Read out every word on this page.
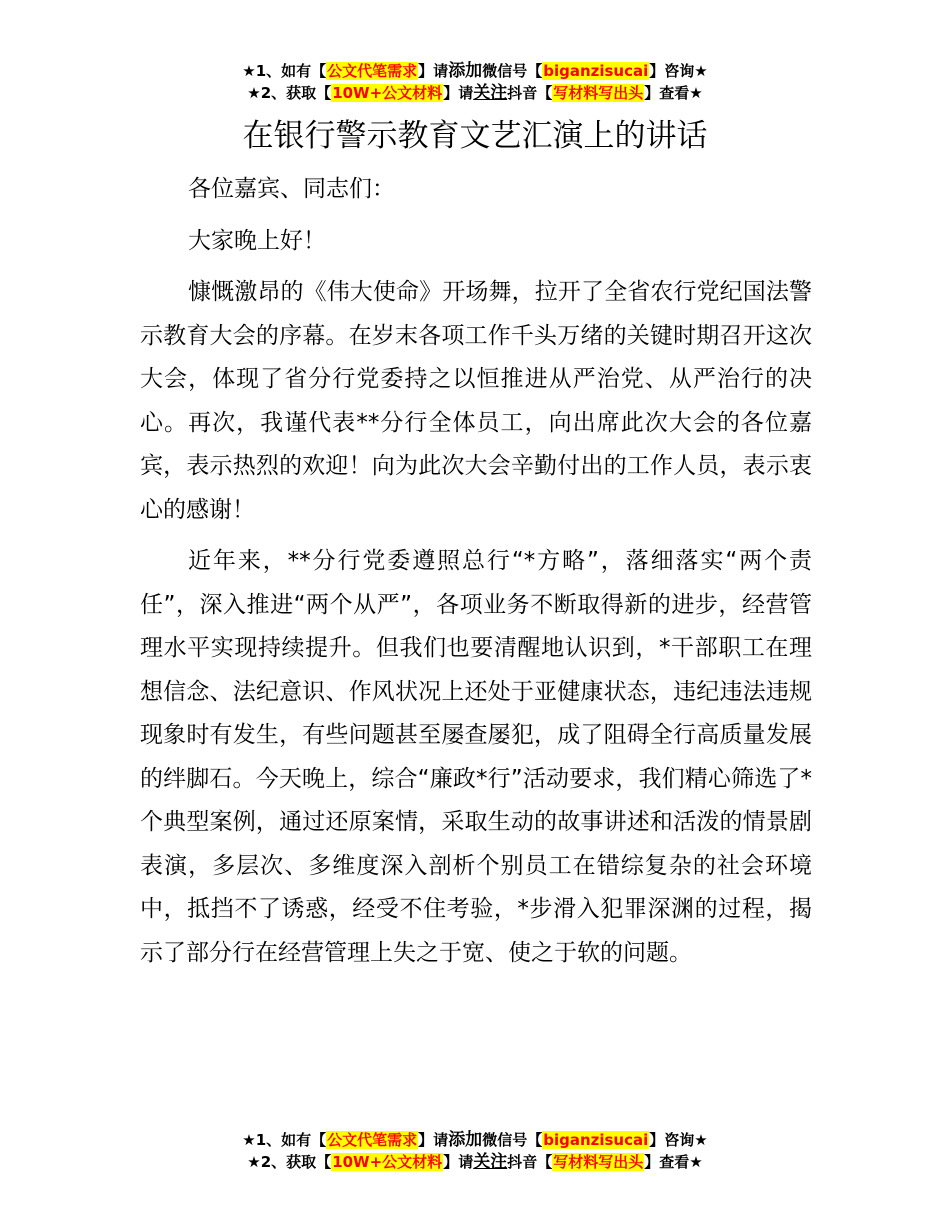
★1、如有【公文代笔需求】请添加微信号【biganzisucai】咨询★
★2、获取【10W+公文材料】请关注抖音【写材料写出头】查看★
在银行警示教育文艺汇演上的讲话

各位嘉宾、同志们：

大家晚上好！

慷慨激昂的《伟大使命》开场舞，拉开了全省农行党纪国法警示教育大会的序幕。在岁末各项工作千头万绪的关键时期召开这次大会，体现了省分行党委持之以恒推进从严治党、从严治行的决心。再次，我谨代表**分行全体员工，向出席此次大会的各位嘉宾，表示热烈的欢迎！向为此次大会辛勤付出的工作人员，表示衷心的感谢！

近年来，**分行党委遵照总行“*方略”，落细落实“两个责任”，深入推进“两个从严”，各项业务不断取得新的进步，经营管理水平实现持续提升。但我们也要清醒地认识到，*干部职工在理想信念、法纪意识、作风状况上还处于亚健康状态，违纪违法违规现象时有发生，有些问题甚至屡查屡犯，成了阻碍全行高质量发展的绊脚石。今天晚上，综合“廉政*行”活动要求，我们精心筛选了*个典型案例，通过还原案情，采取生动的故事讲述和活泼的情景剧表演，多层次、多维度深入剖析个别员工在错综复杂的社会环境中，抵挡不了诱惑，经受不住考验，*步滑入犯罪深渊的过程，揭示了部分行在经营管理上失之于宽、使之于软的问题。

★1、如有【公文代笔需求】请添加微信号【biganzisucai】咨询★
★2、获取【10W+公文材料】请关注抖音【写材料写出头】查看★
